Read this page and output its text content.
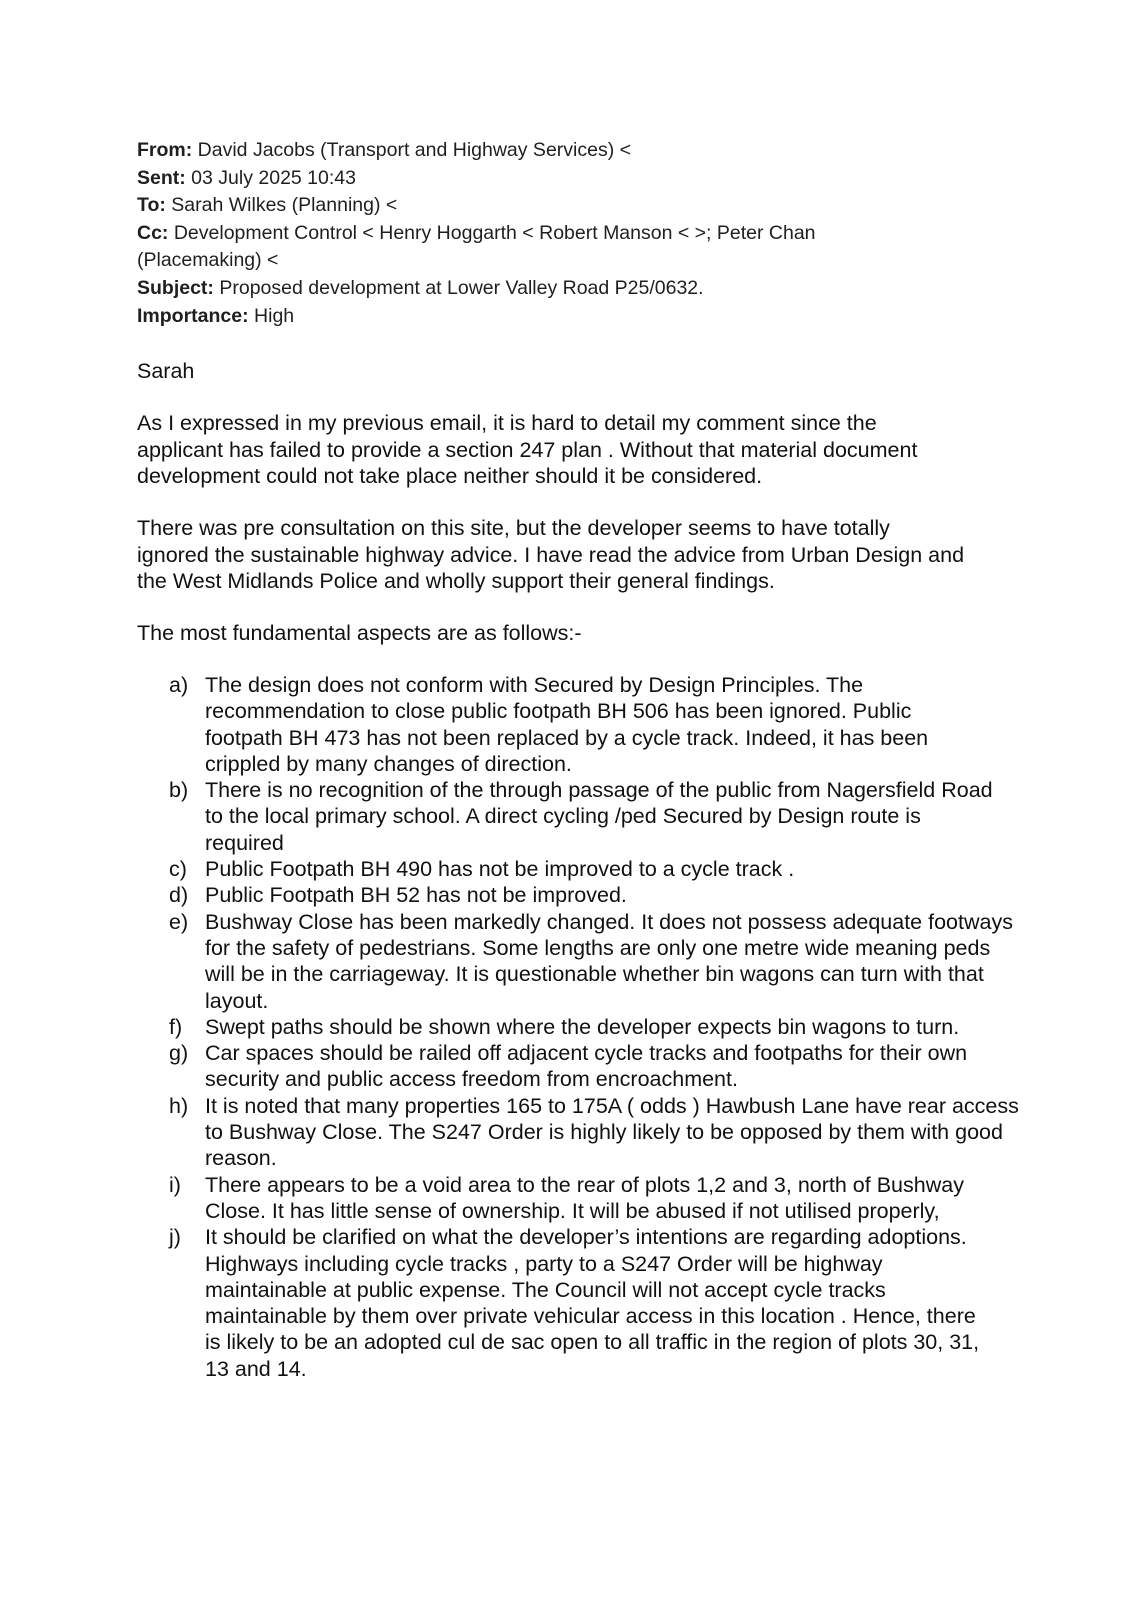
From: David Jacobs (Transport and Highway Services) <
Sent: 03 July 2025 10:43
To: Sarah Wilkes (Planning) <
Cc: Development Control < Henry Hoggarth < Robert Manson < >; Peter Chan (Placemaking) <
Subject: Proposed development at Lower Valley Road P25/0632.
Importance: High

Sarah

As I expressed in my previous email, it is hard to detail my comment since the applicant has failed to provide a section 247 plan . Without that material document development could not take place neither should it be considered.

There was pre consultation on this site, but the developer seems to have totally ignored the sustainable highway advice. I have read the advice from Urban Design and the West Midlands Police and wholly support their general findings.

The most fundamental aspects are as follows:-

a) The design does not conform with Secured by Design Principles. The recommendation to close public footpath BH 506 has been ignored. Public footpath BH 473 has not been replaced by a cycle track. Indeed, it has been crippled by many changes of direction.
b) There is no recognition of the through passage of the public from Nagersfield Road to the local primary school. A direct cycling /ped Secured by Design route is required
c) Public Footpath BH 490 has not be improved to a cycle track .
d) Public Footpath BH 52 has not be improved.
e) Bushway Close has been markedly changed. It does not possess adequate footways for the safety of pedestrians. Some lengths are only one metre wide meaning peds will be in the carriageway. It is questionable whether bin wagons can turn with that layout.
f) Swept paths should be shown where the developer expects bin wagons to turn.
g) Car spaces should be railed off adjacent cycle tracks and footpaths for their own security and public access freedom from encroachment.
h) It is noted that many properties 165 to 175A ( odds ) Hawbush Lane have rear access to Bushway Close. The S247 Order is highly likely to be opposed by them with good reason.
i) There appears to be a void area to the rear of plots 1,2 and 3, north of Bushway Close. It has little sense of ownership. It will be abused if not utilised properly,
j) It should be clarified on what the developer’s intentions are regarding adoptions. Highways including cycle tracks , party to a S247 Order will be highway maintainable at public expense. The Council will not accept cycle tracks maintainable by them over private vehicular access in this location . Hence, there is likely to be an adopted cul de sac open to all traffic in the region of plots 30, 31, 13 and 14.
